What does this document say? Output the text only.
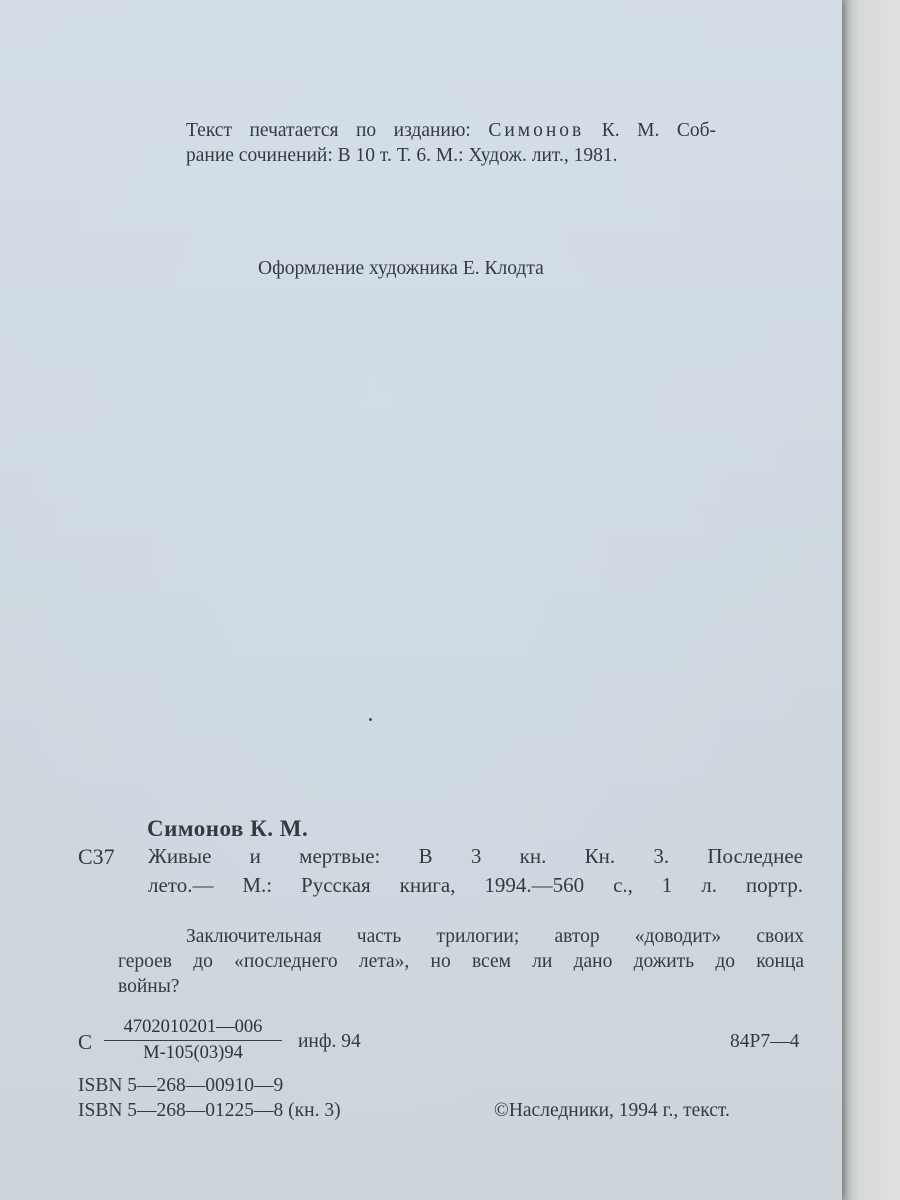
Текст печатается по изданию: Симонов К. М. Соб-
рание сочинений: В 10 т. Т. 6. М.: Худож. лит., 1981.
Оформление художника Е. Клодта
Симонов К. М.
С37 Живые и мертвые: В 3 кн. Кн. 3. Последнее
лето.— М.: Русская книга, 1994.—560 с., 1 л. портр.
Заключительная часть трилогии; автор «доводит» своих
героев до «последнего лета», но всем ли дано дожить до конца
войны?
С
4702010201—006
М-105(03)94
инф. 94	84Р7—4
ISBN 5—268—00910—9
ISBN 5—268—01225—8 (кн. 3)	©Наследники, 1994 г., текст.
